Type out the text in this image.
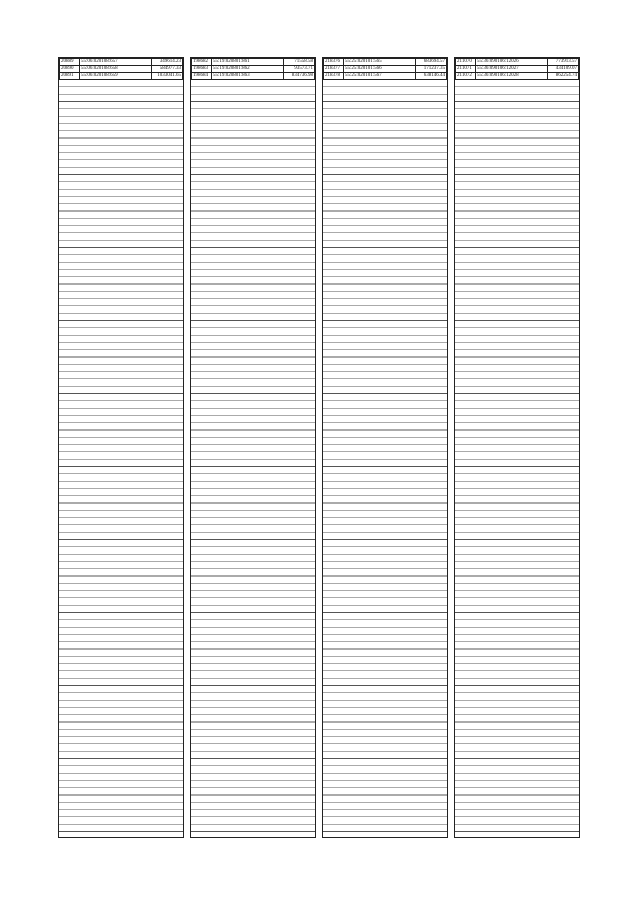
20889	55:06:020108:657	349614.23
20890	55:06:020108:658	584977.33
20891	55:06:020108:659	1033041.65
198682	55:19:020801:861	71558.58
198683	55:19:020801:862	93573.71
198684	55:19:020801:863	834736.98
218376	55:25:020101:565	683694.57
218377	55:25:020101:566	171237.35
218378	55:25:020101:567	638146.44
211070	55:36:090106:12026	773913.57
211071	55:36:090106:12027	434109.07
211072	55:36:090106:12028	862254.74
